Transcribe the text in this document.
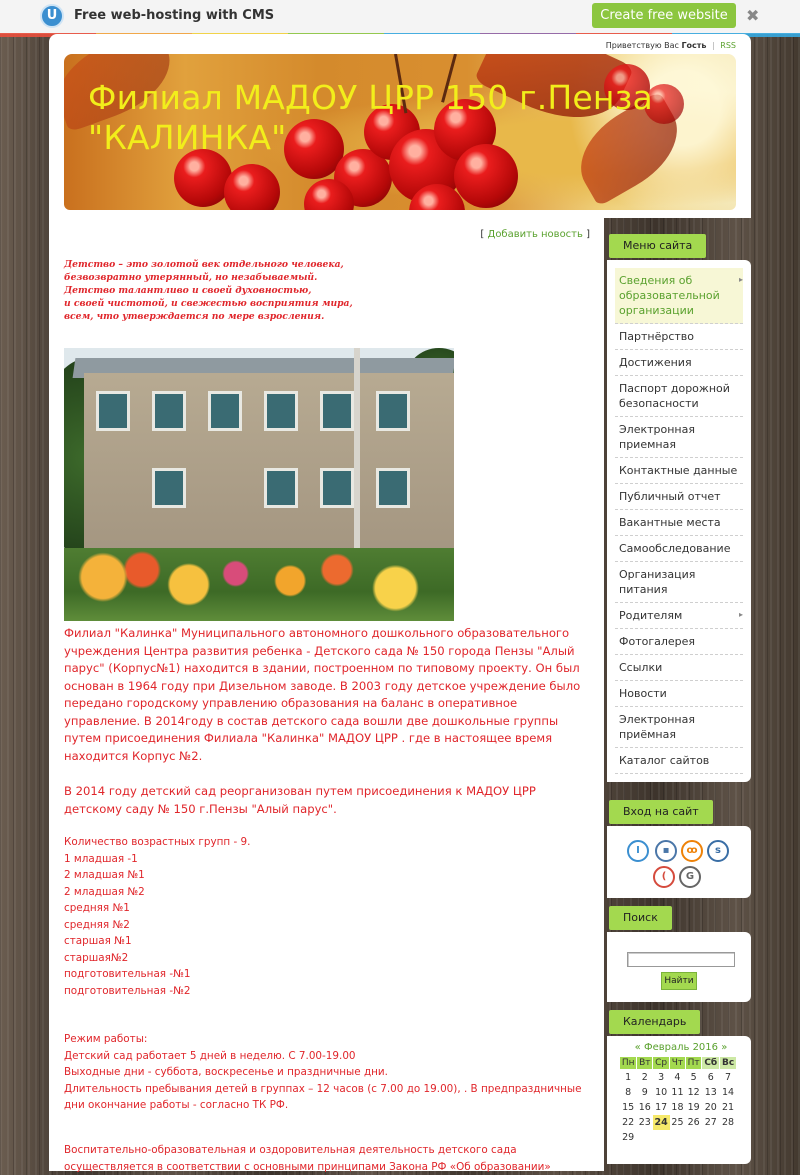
U	Free web-hosting with CMS	Create free website	✖
Приветствую Вас Гость | RSS
Филиал МАДОУ ЦРР 150 г.Пенза
"КАЛИНКА"
[ Добавить новость ]
Детство – это золотой век отдельного человека,
безвозвратно утерянный, но незабываемый.
Детство талантливо и своей духовностью,
и своей чистотой, и свежестью восприятия мира,
всем, что утверждается по мере взросления.

Филиал "Калинка" Муниципального автономного дошкольного образовательного учреждения Центра развития ребенка - Детского сада № 150 города Пензы "Алый парус" (Корпус№1) находится в здании, построенном по типовому проекту. Он был основан в 1964 году при Дизельном заводе. В 2003 году детское учреждение было передано городскому управлению образования на баланс в оперативное управление. В 2014году в состав детского сада вошли две дошкольные группы путем присоединения Филиала "Калинка" МАДОУ ЦРР . где в настоящее время находится Корпус №2.

В 2014 году детский сад реорганизован путем присоединения к МАДОУ ЦРР детскому саду № 150 г.Пензы "Алый парус".

Количество возрастных групп - 9.

1 младшая -1

2 младшая №1

2 младшая №2

средняя №1

средняя №2

старшая №1

старшая№2

подготовительная -№1

подготовительная -№2

Режим работы:

Детский сад работает 5 дней в неделю. С 7.00-19.00

Выходные дни - суббота, воскресенье и праздничные дни.

Длительность пребывания детей в группах – 12 часов (с 7.00 до 19.00), . В предпраздничные дни окончание работы - согласно ТК РФ.

Воспитательно-образовательная и оздоровительная деятельность детского сада осуществляется в соответствии с основными принципами Закона РФ «Об образовании»

Меню сайта
Сведения об образовательной организации
▸
Партнёрство
Достижения
Паспорт дорожной безопасности
Электронная приемная
Контактные данные
Публичный отчет
Вакантные места
Самообследование
Организация питания
Родителям	▸
Фотогалерея
Ссылки
Новости
Электронная приёмная
Каталог сайтов
Вход на сайт
I	▪	ꝏ	s
(	G
Поиск
Найти
Календарь
« Февраль 2016 »
Пн	Вт	Ср	Чт	Пт	Сб	Вс
1	2	3	4	5	6	7
8	9	10	11	12	13	14
15	16	17	18	19	20	21
22	23	24	25	26	27	28
29						
